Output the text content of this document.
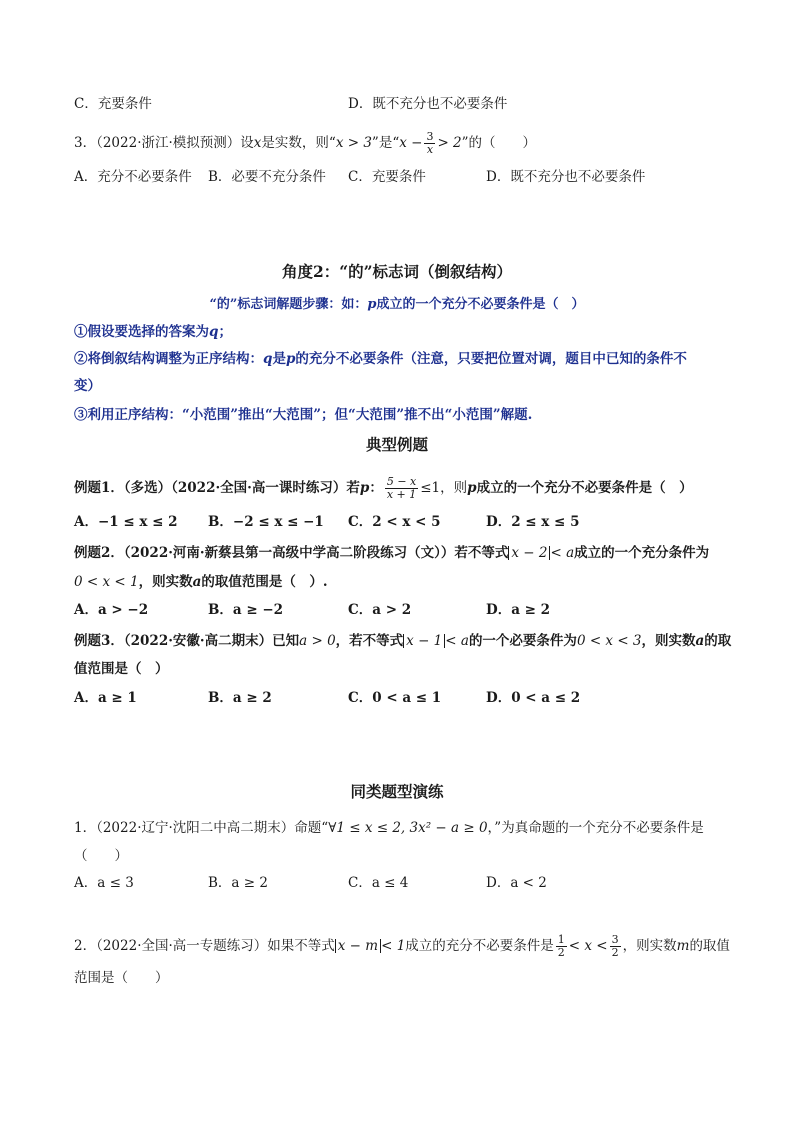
C．充要条件	D．既不充分也不必要条件
3．（2022·浙江·模拟预测）设x是实数，则“x > 3”是“$x - \frac{3}{x} > 2$”的（　　）
A．充分不必要条件 B．必要不充分条件 C．充要条件	D．既不充分也不必要条件
角度2：“的”标志词（倒叙结构）
“的”标志词解题步骤：如：p成立的一个充分不必要条件是（　）
①假设要选择的答案为q；
②将倒叙结构调整为正序结构：q是p的充分不必要条件（注意，只要把位置对调，题目中已知的条件不
变）
③利用正序结构：“小范围”推出“大范围”；但“大范围”推不出“小范围”解题.
典型例题
例题1．（多选）（2022·全国·高一课时练习）若p： $\frac{5 - x}{x + 1} \le 1$，则p成立的一个充分不必要条件是（　）
A．−1 ≤ x ≤ 2 B．−2 ≤ x ≤ −1 C．2 < x < 5	D．2 ≤ x ≤ 5
例题2．（2022·河南·新蔡县第一高级中学高二阶段练习（文））若不等式 x − 2 < a成立的一个充分条件为
0 < x < 1，则实数a的取值范围是（　）.
A．a > −2	B．a ≥ −2	C．a > 2	D．a ≥ 2
例题3．（2022·安徽·高二期末）已知a > 0，若不等式 x − 1 < a的一个必要条件为0 < x < 3，则实数a的取
值范围是（　）
A．a ≥ 1	B．a ≥ 2	C．0 < a ≤ 1	D．0 < a ≤ 2
同类题型演练
1．（2022·辽宁·沈阳二中高二期末）命题“∀1 ≤ x ≤ 2, 3x² − a ≥ 0，”为真命题的一个充分不必要条件是
（　　）
A．a ≤ 3	B．a ≥ 2	C．a ≤ 4	D．a < 2
2．（2022·全国·高一专题练习）如果不等式 x − m < 1成立的充分不必要条件是 $\frac{1}{2} < x < \frac{3}{2}$ ，则实数m的取值
范围是（　　）
